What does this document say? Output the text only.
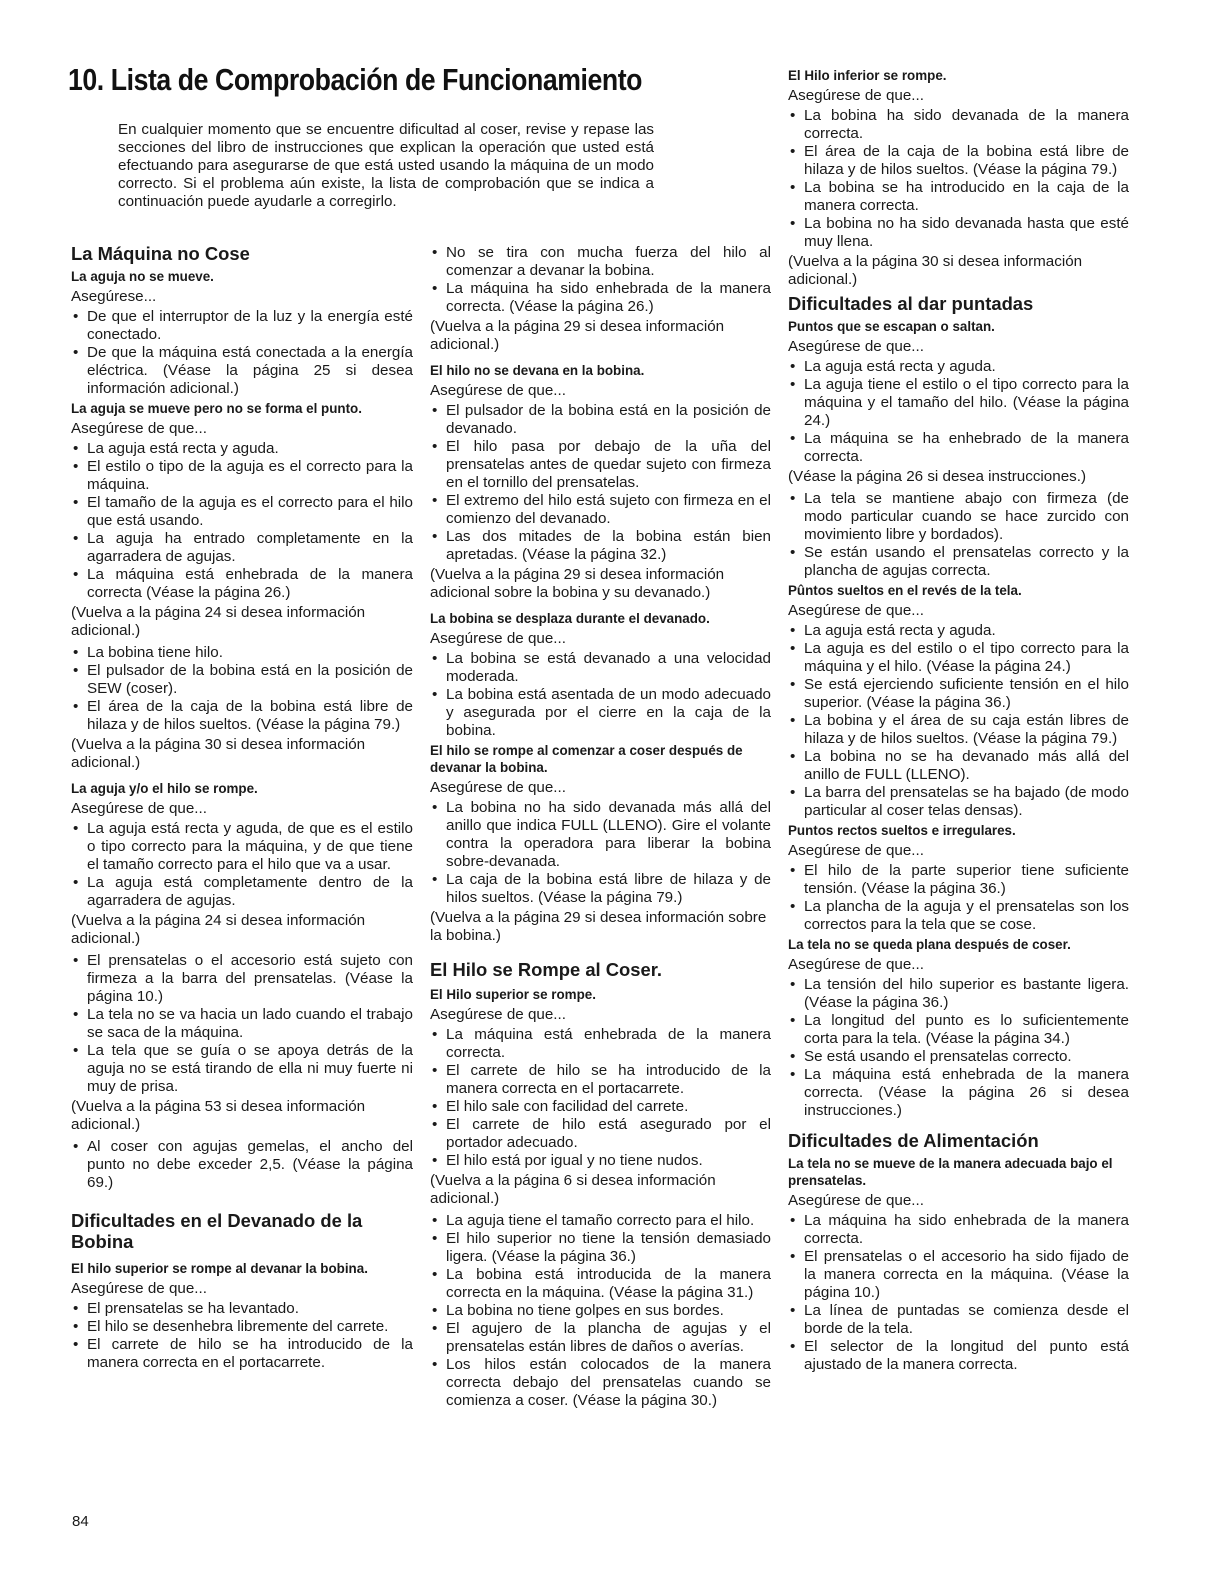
10. Lista de Comprobación de Funcionamiento

En cualquier momento que se encuentre dificultad al coser, revise y repase las secciones del libro de instrucciones que explican la operación que usted está efectuando para asegurarse de que está usted usando la máquina de un modo correcto. Si el problema aún existe, la lista de comprobación que se indica a continuación puede ayudarle a corregirlo.

La Máquina no Cose
La aguja no se mueve.
Asegúrese...
• De que el interruptor de la luz y la energía esté conectado.
• De que la máquina está conectada a la energía eléctrica. (Véase la página 25 si desea información adicional.)
La aguja se mueve pero no se forma el punto.
Asegúrese de que...
• La aguja está recta y aguda.
• El estilo o tipo de la aguja es el correcto para la máquina.
• El tamaño de la aguja es el correcto para el hilo que está usando.
• La aguja ha entrado completamente en la agarradera de agujas.
• La máquina está enhebrada de la manera correcta (Véase la página 26.)
(Vuelva a la página 24 si desea información adicional.)
• La bobina tiene hilo.
• El pulsador de la bobina está en la posición de SEW (coser).
• El área de la caja de la bobina está libre de hilaza y de hilos sueltos. (Véase la página 79.)
(Vuelva a la página 30 si desea información adicional.)
La aguja y/o el hilo se rompe.
Asegúrese de que...
• La aguja está recta y aguda, de que es el estilo o tipo correcto para la máquina, y de que tiene el tamaño correcto para el hilo que va a usar.
• La aguja está completamente dentro de la agarradera de agujas.
(Vuelva a la página 24 si desea información adicional.)
• El prensatelas o el accesorio está sujeto con firmeza a la barra del prensatelas. (Véase la página 10.)
• La tela no se va hacia un lado cuando el trabajo se saca de la máquina.
• La tela que se guía o se apoya detrás de la aguja no se está tirando de ella ni muy fuerte ni muy de prisa.
(Vuelva a la página 53 si desea información adicional.)
• Al coser con agujas gemelas, el ancho del punto no debe exceder 2,5. (Véase la página 69.)
Dificultades en el Devanado de la Bobina
El hilo superior se rompe al devanar la bobina.
Asegúrese de que...
• El prensatelas se ha levantado.
• El hilo se desenhebra libremente del carrete.
• El carrete de hilo se ha introducido de la manera correcta en el portacarrete.
• No se tira con mucha fuerza del hilo al comenzar a devanar la bobina.
• La máquina ha sido enhebrada de la manera correcta. (Véase la página 26.)
(Vuelva a la página 29 si desea información adicional.)
El hilo no se devana en la bobina.
Asegúrese de que...
• El pulsador de la bobina está en la posición de devanado.
• El hilo pasa por debajo de la uña del prensatelas antes de quedar sujeto con firmeza en el tornillo del prensatelas.
• El extremo del hilo está sujeto con firmeza en el comienzo del devanado.
• Las dos mitades de la bobina están bien apretadas. (Véase la página 32.)
(Vuelva a la página 29 si desea información adicional sobre la bobina y su devanado.)
La bobina se desplaza durante el devanado.
Asegúrese de que...
• La bobina se está devanado a una velocidad moderada.
• La bobina está asentada de un modo adecuado y asegurada por el cierre en la caja de la bobina.
El hilo se rompe al comenzar a coser después de devanar la bobina.
Asegúrese de que...
• La bobina no ha sido devanada más allá del anillo que indica FULL (LLENO). Gire el volante contra la operadora para liberar la bobina sobre-devanada.
• La caja de la bobina está libre de hilaza y de hilos sueltos. (Véase la página 79.)
(Vuelva a la página 29 si desea información sobre la bobina.)
El Hilo se Rompe al Coser.
El Hilo superior se rompe.
Asegúrese de que...
• La máquina está enhebrada de la manera correcta.
• El carrete de hilo se ha introducido de la manera correcta en el portacarrete.
• El hilo sale con facilidad del carrete.
• El carrete de hilo está asegurado por el portador adecuado.
• El hilo está por igual y no tiene nudos.
(Vuelva a la página 6 si desea información adicional.)
• La aguja tiene el tamaño correcto para el hilo.
• El hilo superior no tiene la tensión demasiado ligera. (Véase la página 36.)
• La bobina está introducida de la manera correcta en la máquina. (Véase la página 31.)
• La bobina no tiene golpes en sus bordes.
• El agujero de la plancha de agujas y el prensatelas están libres de daños o averías.
• Los hilos están colocados de la manera correcta debajo del prensatelas cuando se comienza a coser. (Véase la página 30.)
El Hilo inferior se rompe.
Asegúrese de que...
• La bobina ha sido devanada de la manera correcta.
• El área de la caja de la bobina está libre de hilaza y de hilos sueltos. (Véase la página 79.)
• La bobina se ha introducido en la caja de la manera correcta.
• La bobina no ha sido devanada hasta que esté muy llena.
(Vuelva a la página 30 si desea información adicional.)
Dificultades al dar puntadas
Puntos que se escapan o saltan.
Asegúrese de que...
• La aguja está recta y aguda.
• La aguja tiene el estilo o el tipo correcto para la máquina y el tamaño del hilo. (Véase la página 24.)
• La máquina se ha enhebrado de la manera correcta.
(Véase la página 26 si desea instrucciones.)
• La tela se mantiene abajo con firmeza (de modo particular cuando se hace zurcido con movimiento libre y bordados).
• Se están usando el prensatelas correcto y la plancha de agujas correcta.
Pûntos sueltos en el revés de la tela.
Asegúrese de que...
• La aguja está recta y aguda.
• La aguja es del estilo o el tipo correcto para la máquina y el hilo. (Véase la página 24.)
• Se está ejerciendo suficiente tensión en el hilo superior. (Véase la página 36.)
• La bobina y el área de su caja están libres de hilaza y de hilos sueltos. (Véase la página 79.)
• La bobina no se ha devanado más allá del anillo de FULL (LLENO).
• La barra del prensatelas se ha bajado (de modo particular al coser telas densas).
Puntos rectos sueltos e irregulares.
Asegúrese de que...
• El hilo de la parte superior tiene suficiente tensión. (Véase la página 36.)
• La plancha de la aguja y el prensatelas son los correctos para la tela que se cose.
La tela no se queda plana después de coser.
Asegúrese de que...
• La tensión del hilo superior es bastante ligera. (Véase la página 36.)
• La longitud del punto es lo suficientemente corta para la tela. (Véase la página 34.)
• Se está usando el prensatelas correcto.
• La máquina está enhebrada de la manera correcta. (Véase la página 26 si desea instrucciones.)
Dificultades de Alimentación
La tela no se mueve de la manera adecuada bajo el prensatelas.
Asegúrese de que...
• La máquina ha sido enhebrada de la manera correcta.
• El prensatelas o el accesorio ha sido fijado de la manera correcta en la máquina. (Véase la página 10.)
• La línea de puntadas se comienza desde el borde de la tela.
• El selector de la longitud del punto está ajustado de la manera correcta.
84
